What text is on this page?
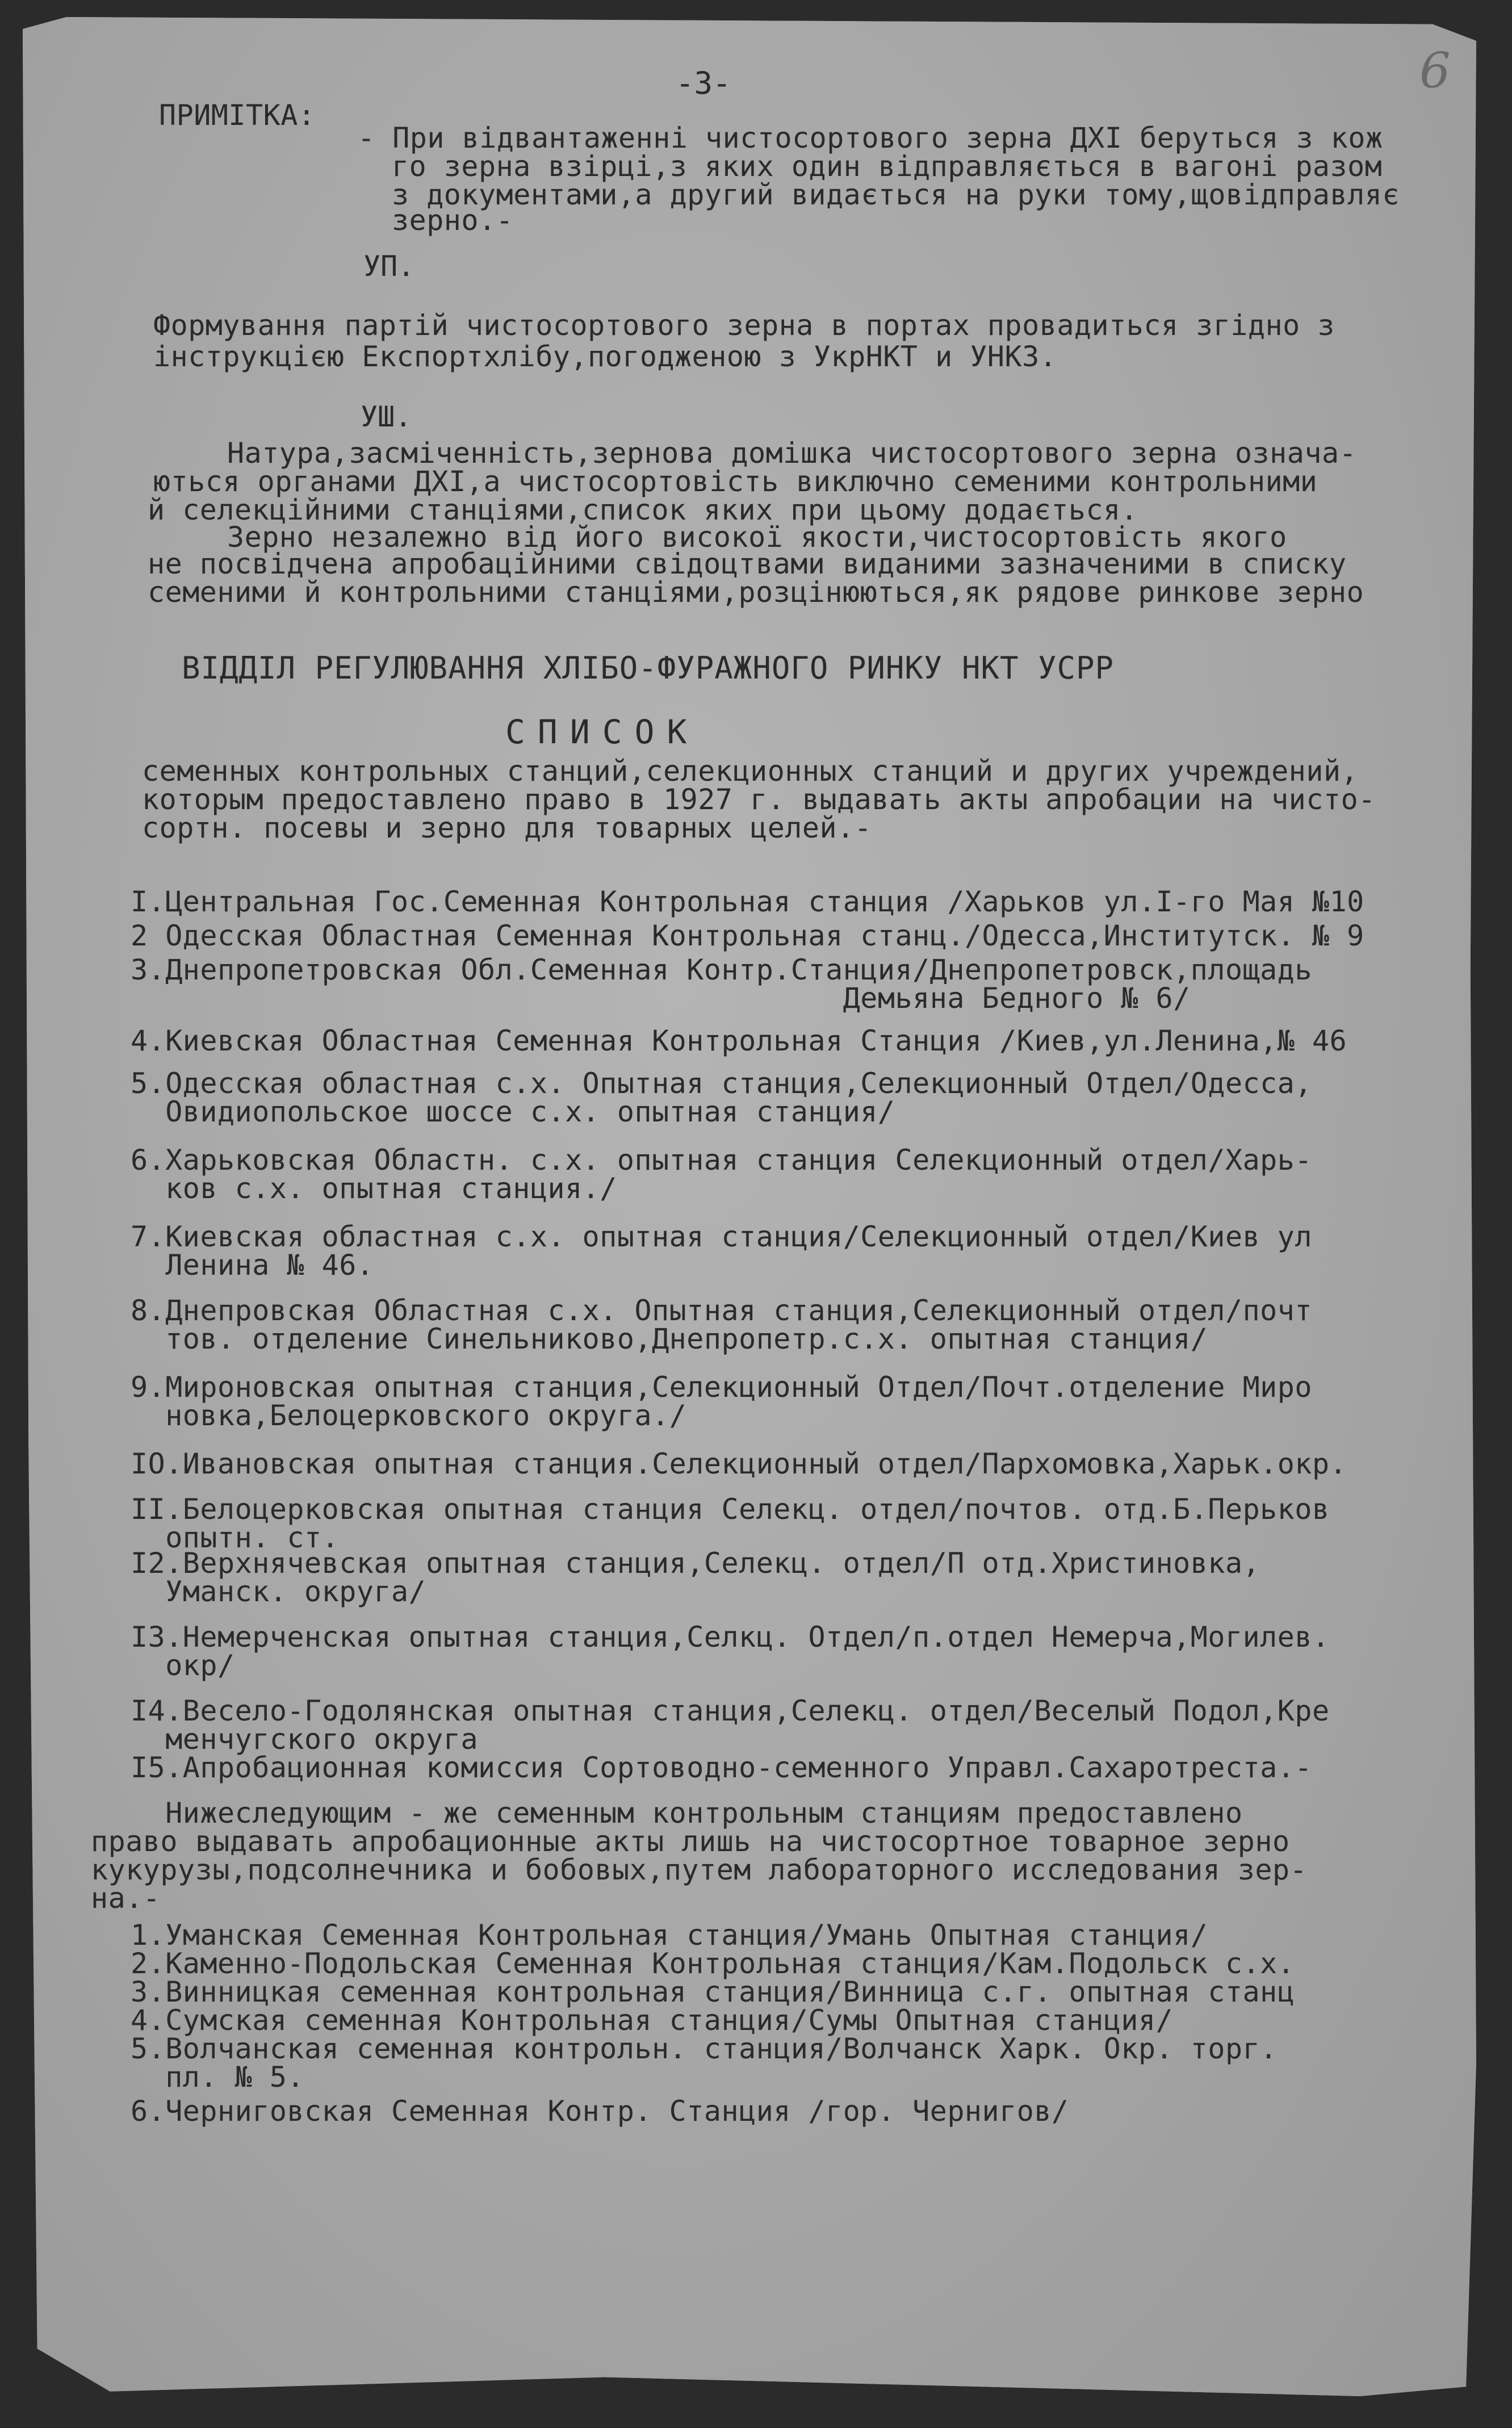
-3-	6
ПРИМІТКА:
- При відвантаженні чистосортового зерна ДХІ беруться з кож
го зерна взірці,з яких один відправляється в вагоні разом
з документами,а другий видається на руки тому,щовідправляє
зерно.-
УП.
Формування партій чистосортового зерна в портах провадиться згідно з
інструкцією Експортхлібу,погодженою з УкрНКТ и УНКЗ.
УШ.
Натура,засміченність,зернова домішка чистосортового зерна означа-
ються органами ДХІ,а чистосортовість виключно семеними контрольними
й селекційними станціями,список яких при цьому додається.
Зерно незалежно від його високої якости,чистосортовість якого
не посвідчена апробаційними свідоцтвами виданими зазначеними в списку
семеними й контрольними станціями,розцінюються,як рядове ринкове зерно
ВІДДІЛ РЕГУЛЮВАННЯ ХЛІБО-ФУРАЖНОГО РИНКУ НКТ УСРР
СПИСОК
семенных контрольных станций,селекционных станций и других учреждений,
которым предоставлено право в 1927 г. выдавать акты апробации на чисто-
сортн. посевы и зерно для товарных целей.-
I.Центральная Гос.Семенная Контрольная станция /Харьков ул.I-го Мая №10
2 Одесская Областная Семенная Контрольная станц./Одесса,Институтск. № 9
3.Днепропетровская Обл.Семенная Контр.Станция/Днепропетровск,площадь
Демьяна Бедного № 6/
4.Киевская Областная Семенная Контрольная Станция /Киев,ул.Ленина,№ 46
5.Одесская областная с.х. Опытная станция,Селекционный Отдел/Одесса,
Овидиопольское шоссе с.х. опытная станция/
6.Харьковская Областн. с.х. опытная станция Селекционный отдел/Харь-
ков с.х. опытная станция./
7.Киевская областная с.х. опытная станция/Селекционный отдел/Киев ул
Ленина № 46.
8.Днепровская Областная с.х. Опытная станция,Селекционный отдел/почт
тов. отделение Синельниково,Днепропетр.с.х. опытная станция/
9.Мироновская опытная станция,Селекционный Отдел/Почт.отделение Миро
новка,Белоцерковского округа./
IO.Ивановская опытная станция.Селекционный отдел/Пархомовка,Харьк.окр.
II.Белоцерковская опытная станция Селекц. отдел/почтов. отд.Б.Перьков
опытн. ст.
I2.Верхнячевская опытная станция,Селекц. отдел/П отд.Христиновка,
Уманск. округа/
I3.Немерченская опытная станция,Селкц. Отдел/п.отдел Немерча,Могилев.
окр/
I4.Весело-Годолянская опытная станция,Селекц. отдел/Веселый Подол,Кре
менчугского округа
I5.Апробационная комиссия Сортоводно-семенного Управл.Сахаротреста.-
Нижеследующим - же семенным контрольным станциям предоставлено
право выдавать апробационные акты лишь на чистосортное товарное зерно
кукурузы,подсолнечника и бобовых,путем лабораторного исследования зер-
на.-
1.Уманская Семенная Контрольная станция/Умань Опытная станция/
2.Каменно-Подольская Семенная Контрольная станция/Кам.Подольск с.х.
3.Винницкая семенная контрольная станция/Винница с.г. опытная станц
4.Сумская семенная Контрольная станция/Сумы Опытная станция/
5.Волчанская семенная контрольн. станция/Волчанск Харк. Окр. торг.
пл. № 5.
6.Черниговская Семенная Контр. Станция /гор. Чернигов/
